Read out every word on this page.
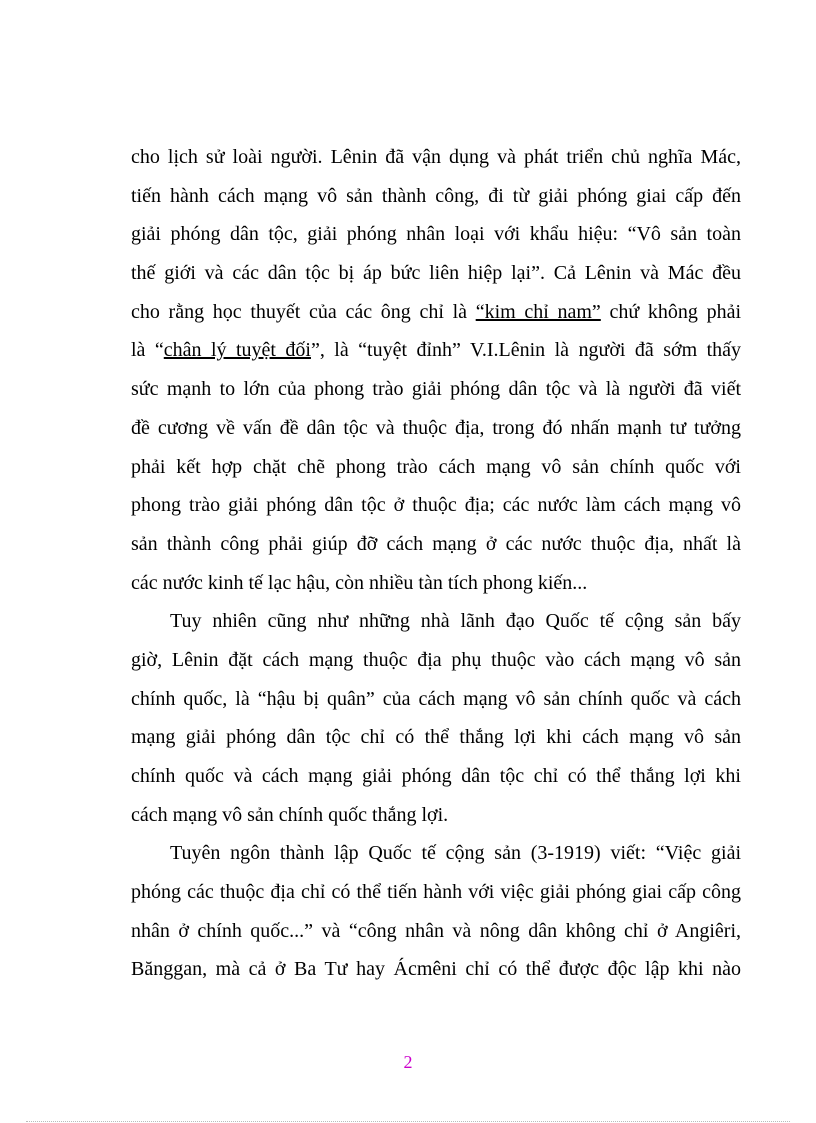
cho lịch sử loài người. Lênin đã vận dụng và phát triển chủ nghĩa Mác,
tiến hành cách mạng vô sản thành công, đi từ giải phóng giai cấp đến
giải phóng dân tộc, giải phóng nhân loại với khẩu hiệu: “Vô sản toàn
thế giới và các dân tộc bị áp bức liên hiệp lại”. Cả Lênin và Mác đều
cho rằng học thuyết của các ông chỉ là “kim chỉ nam” chứ không phải
là “chân lý tuyệt đối”, là “tuyệt đỉnh” V.I.Lênin là người đã sớm thấy
sức mạnh to lớn của phong trào giải phóng dân tộc và là người đã viết
đề cương về vấn đề dân tộc và thuộc địa, trong đó nhấn mạnh tư tưởng
phải kết hợp chặt chẽ phong trào cách mạng vô sản chính quốc với
phong trào giải phóng dân tộc ở thuộc địa; các nước làm cách mạng vô
sản thành công phải giúp đỡ cách mạng ở các nước thuộc địa, nhất là
các nước kinh tế lạc hậu, còn nhiều tàn tích phong kiến...
Tuy nhiên cũng như những nhà lãnh đạo Quốc tế cộng sản bấy
giờ, Lênin đặt cách mạng thuộc địa phụ thuộc vào cách mạng vô sản
chính quốc, là “hậu bị quân” của cách mạng vô sản chính quốc và cách
mạng giải phóng dân tộc chỉ có thể thắng lợi khi cách mạng vô sản
chính quốc và cách mạng giải phóng dân tộc chỉ có thể thắng lợi khi
cách mạng vô sản chính quốc thắng lợi.
Tuyên ngôn thành lập Quốc tế cộng sản (3-1919) viết: “Việc giải
phóng các thuộc địa chỉ có thể tiến hành với việc giải phóng giai cấp công
nhân ở chính quốc...” và “công nhân và nông dân không chỉ ở Angiêri,
Bănggan, mà cả ở Ba Tư hay Ácmêni chỉ có thể được độc lập khi nào
2
